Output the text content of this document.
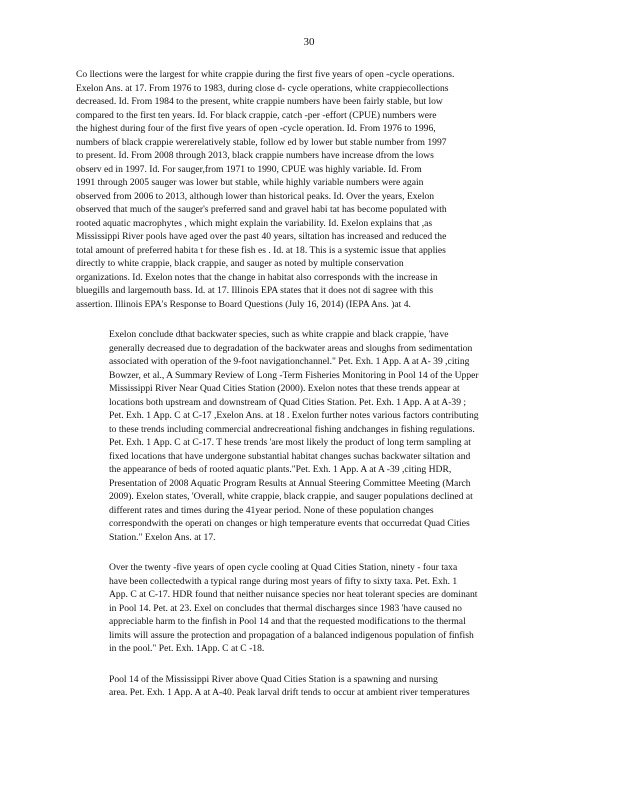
30

Co llections were the largest for white crappie during the first five years of open -cycle operations.
Exelon Ans. at 17. From 1976 to 1983, during close d- cycle operations, white crappiecollections
decreased. Id. From 1984 to the present, white crappie numbers have been fairly stable, but low
compared to the first ten years. Id. For black crappie, catch -per -effort (CPUE) numbers were
the highest during four of the first five years of open -cycle operation. Id. From 1976 to 1996,
numbers of black crappie wererelatively stable, follow ed by lower but stable number from 1997
to present. Id. From 2008 through 2013, black crappie numbers have increase dfrom the lows
observ ed in 1997. Id. For sauger,from 1971 to 1990, CPUE was highly variable. Id. From
1991 through 2005 sauger was lower but stable, while highly variable numbers were again
observed from 2006 to 2013, although lower than historical peaks. Id. Over the years, Exelon
observed that much of the sauger's preferred sand and gravel habi tat has become populated with
rooted aquatic macrophytes , which might explain the variability. Id. Exelon explains that ,as
Mississippi River pools have aged over the past 40 years, siltation has increased and reduced the
total amount of preferred habita t for these fish es . Id. at 18. This is a systemic issue that applies
directly to white crappie, black crappie, and sauger as noted by multiple conservation
organizations. Id. Exelon notes that the change in habitat also corresponds with the increase in
bluegills and largemouth bass. Id. at 17. Illinois EPA states that it does not di sagree with this
assertion. Illinois EPA's Response to Board Questions (July 16, 2014) (IEPA Ans. )at 4.

Exelon conclude dthat backwater species, such as white crappie and black crappie, 'have
generally decreased due to degradation of the backwater areas and sloughs from sedimentation
associated with operation of the 9-foot navigationchannel." Pet. Exh. 1 App. A at A- 39 ,citing
Bowzer, et al., A Summary Review of Long -Term Fisheries Monitoring in Pool 14 of the Upper
Mississippi River Near Quad Cities Station (2000). Exelon notes that these trends appear at
locations both upstream and downstream of Quad Cities Station. Pet. Exh. 1 App. A at A-39 ;
Pet. Exh. 1 App. C at C-17 ,Exelon Ans. at 18 . Exelon further notes various factors contributing
to these trends including commercial andrecreational fishing andchanges in fishing regulations.
Pet. Exh. 1 App. C at C-17. T hese trends 'are most likely the product of long term sampling at
fixed locations that have undergone substantial habitat changes suchas backwater siltation and
the appearance of beds of rooted aquatic plants."Pet. Exh. 1 App. A at A -39 ,citing HDR,
Presentation of 2008 Aquatic Program Results at Annual Steering Committee Meeting (March
2009). Exelon states, 'Overall, white crappie, black crappie, and sauger populations declined at
different rates and times during the 41year period. None of these population changes
correspondwith the operati on changes or high temperature events that occurredat Quad Cities
Station." Exelon Ans. at 17.

Over the twenty -five years of open cycle cooling at Quad Cities Station, ninety - four taxa
have been collectedwith a typical range during most years of fifty to sixty taxa. Pet. Exh. 1
App. C at C-17. HDR found that neither nuisance species nor heat tolerant species are dominant
in Pool 14. Pet. at 23. Exel on concludes that thermal discharges since 1983 'have caused no
appreciable harm to the finfish in Pool 14 and that the requested modifications to the thermal
limits will assure the protection and propagation of a balanced indigenous population of finfish
in the pool." Pet. Exh. 1App. C at C -18.

Pool 14 of the Mississippi River above Quad Cities Station is a spawning and nursing
area. Pet. Exh. 1 App. A at A-40. Peak larval drift tends to occur at ambient river temperatures
